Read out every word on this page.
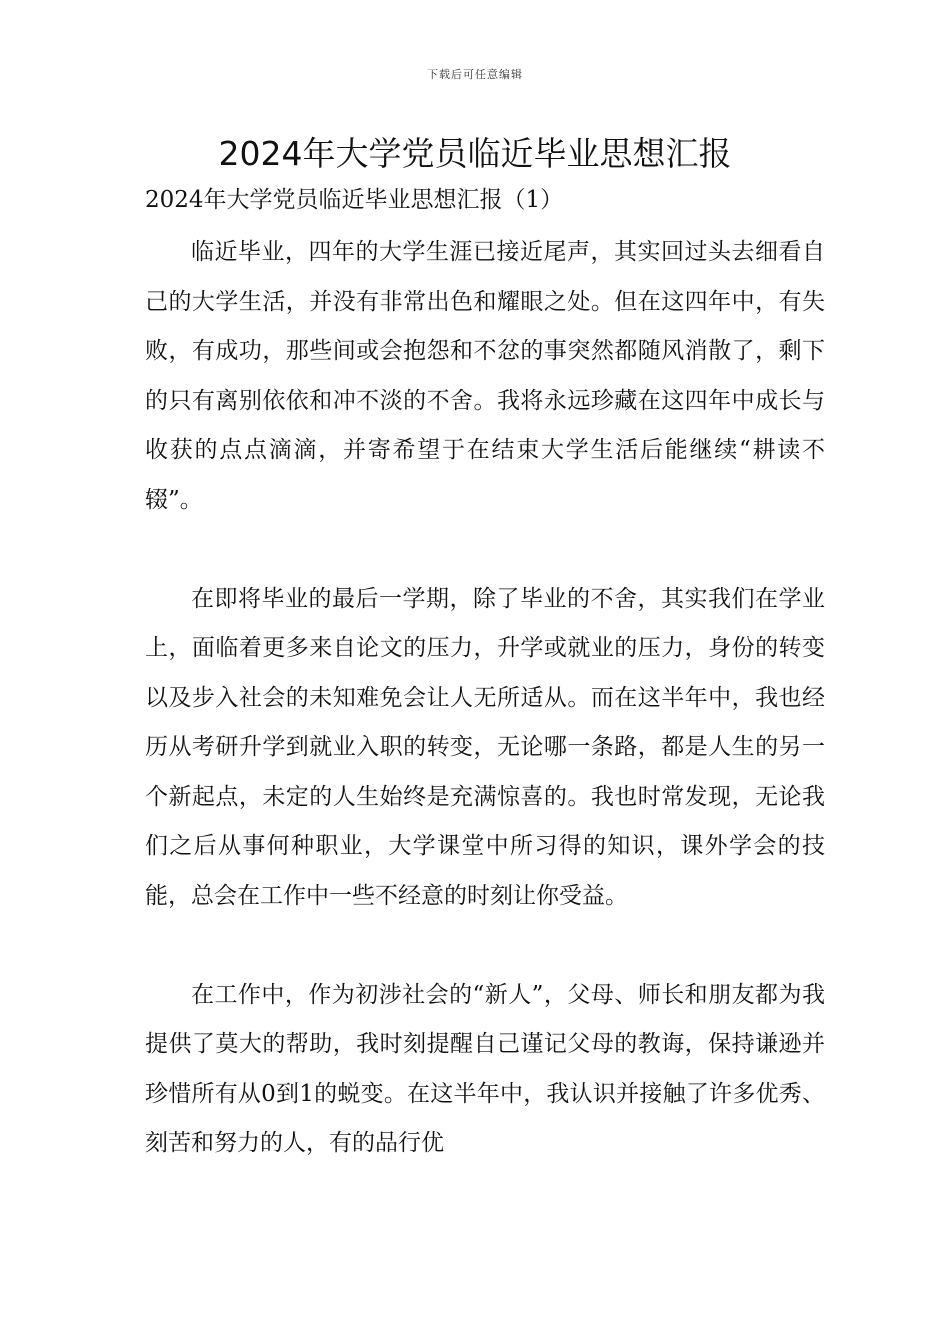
下载后可任意编辑
2024年大学党员临近毕业思想汇报
2024年大学党员临近毕业思想汇报（1）

临近毕业，四年的大学生涯已接近尾声，其实回过头去细看自己的大学生活，并没有非常出色和耀眼之处。但在这四年中，有失败，有成功，那些间或会抱怨和不忿的事突然都随风消散了，剩下的只有离别依依和冲不淡的不舍。我将永远珍藏在这四年中成长与收获的点点滴滴，并寄希望于在结束大学生活后能继续“耕读不辍”。

在即将毕业的最后一学期，除了毕业的不舍，其实我们在学业上，面临着更多来自论文的压力，升学或就业的压力，身份的转变以及步入社会的未知难免会让人无所适从。而在这半年中，我也经历从考研升学到就业入职的转变，无论哪一条路，都是人生的另一个新起点，未定的人生始终是充满惊喜的。我也时常发现，无论我们之后从事何种职业，大学课堂中所习得的知识，课外学会的技能，总会在工作中一些不经意的时刻让你受益。

在工作中，作为初涉社会的“新人”，父母、师长和朋友都为我提供了莫大的帮助，我时刻提醒自己谨记父母的教诲，保持谦逊并珍惜所有从0到1的蜕变。在这半年中，我认识并接触了许多优秀、刻苦和努力的人，有的品行优
